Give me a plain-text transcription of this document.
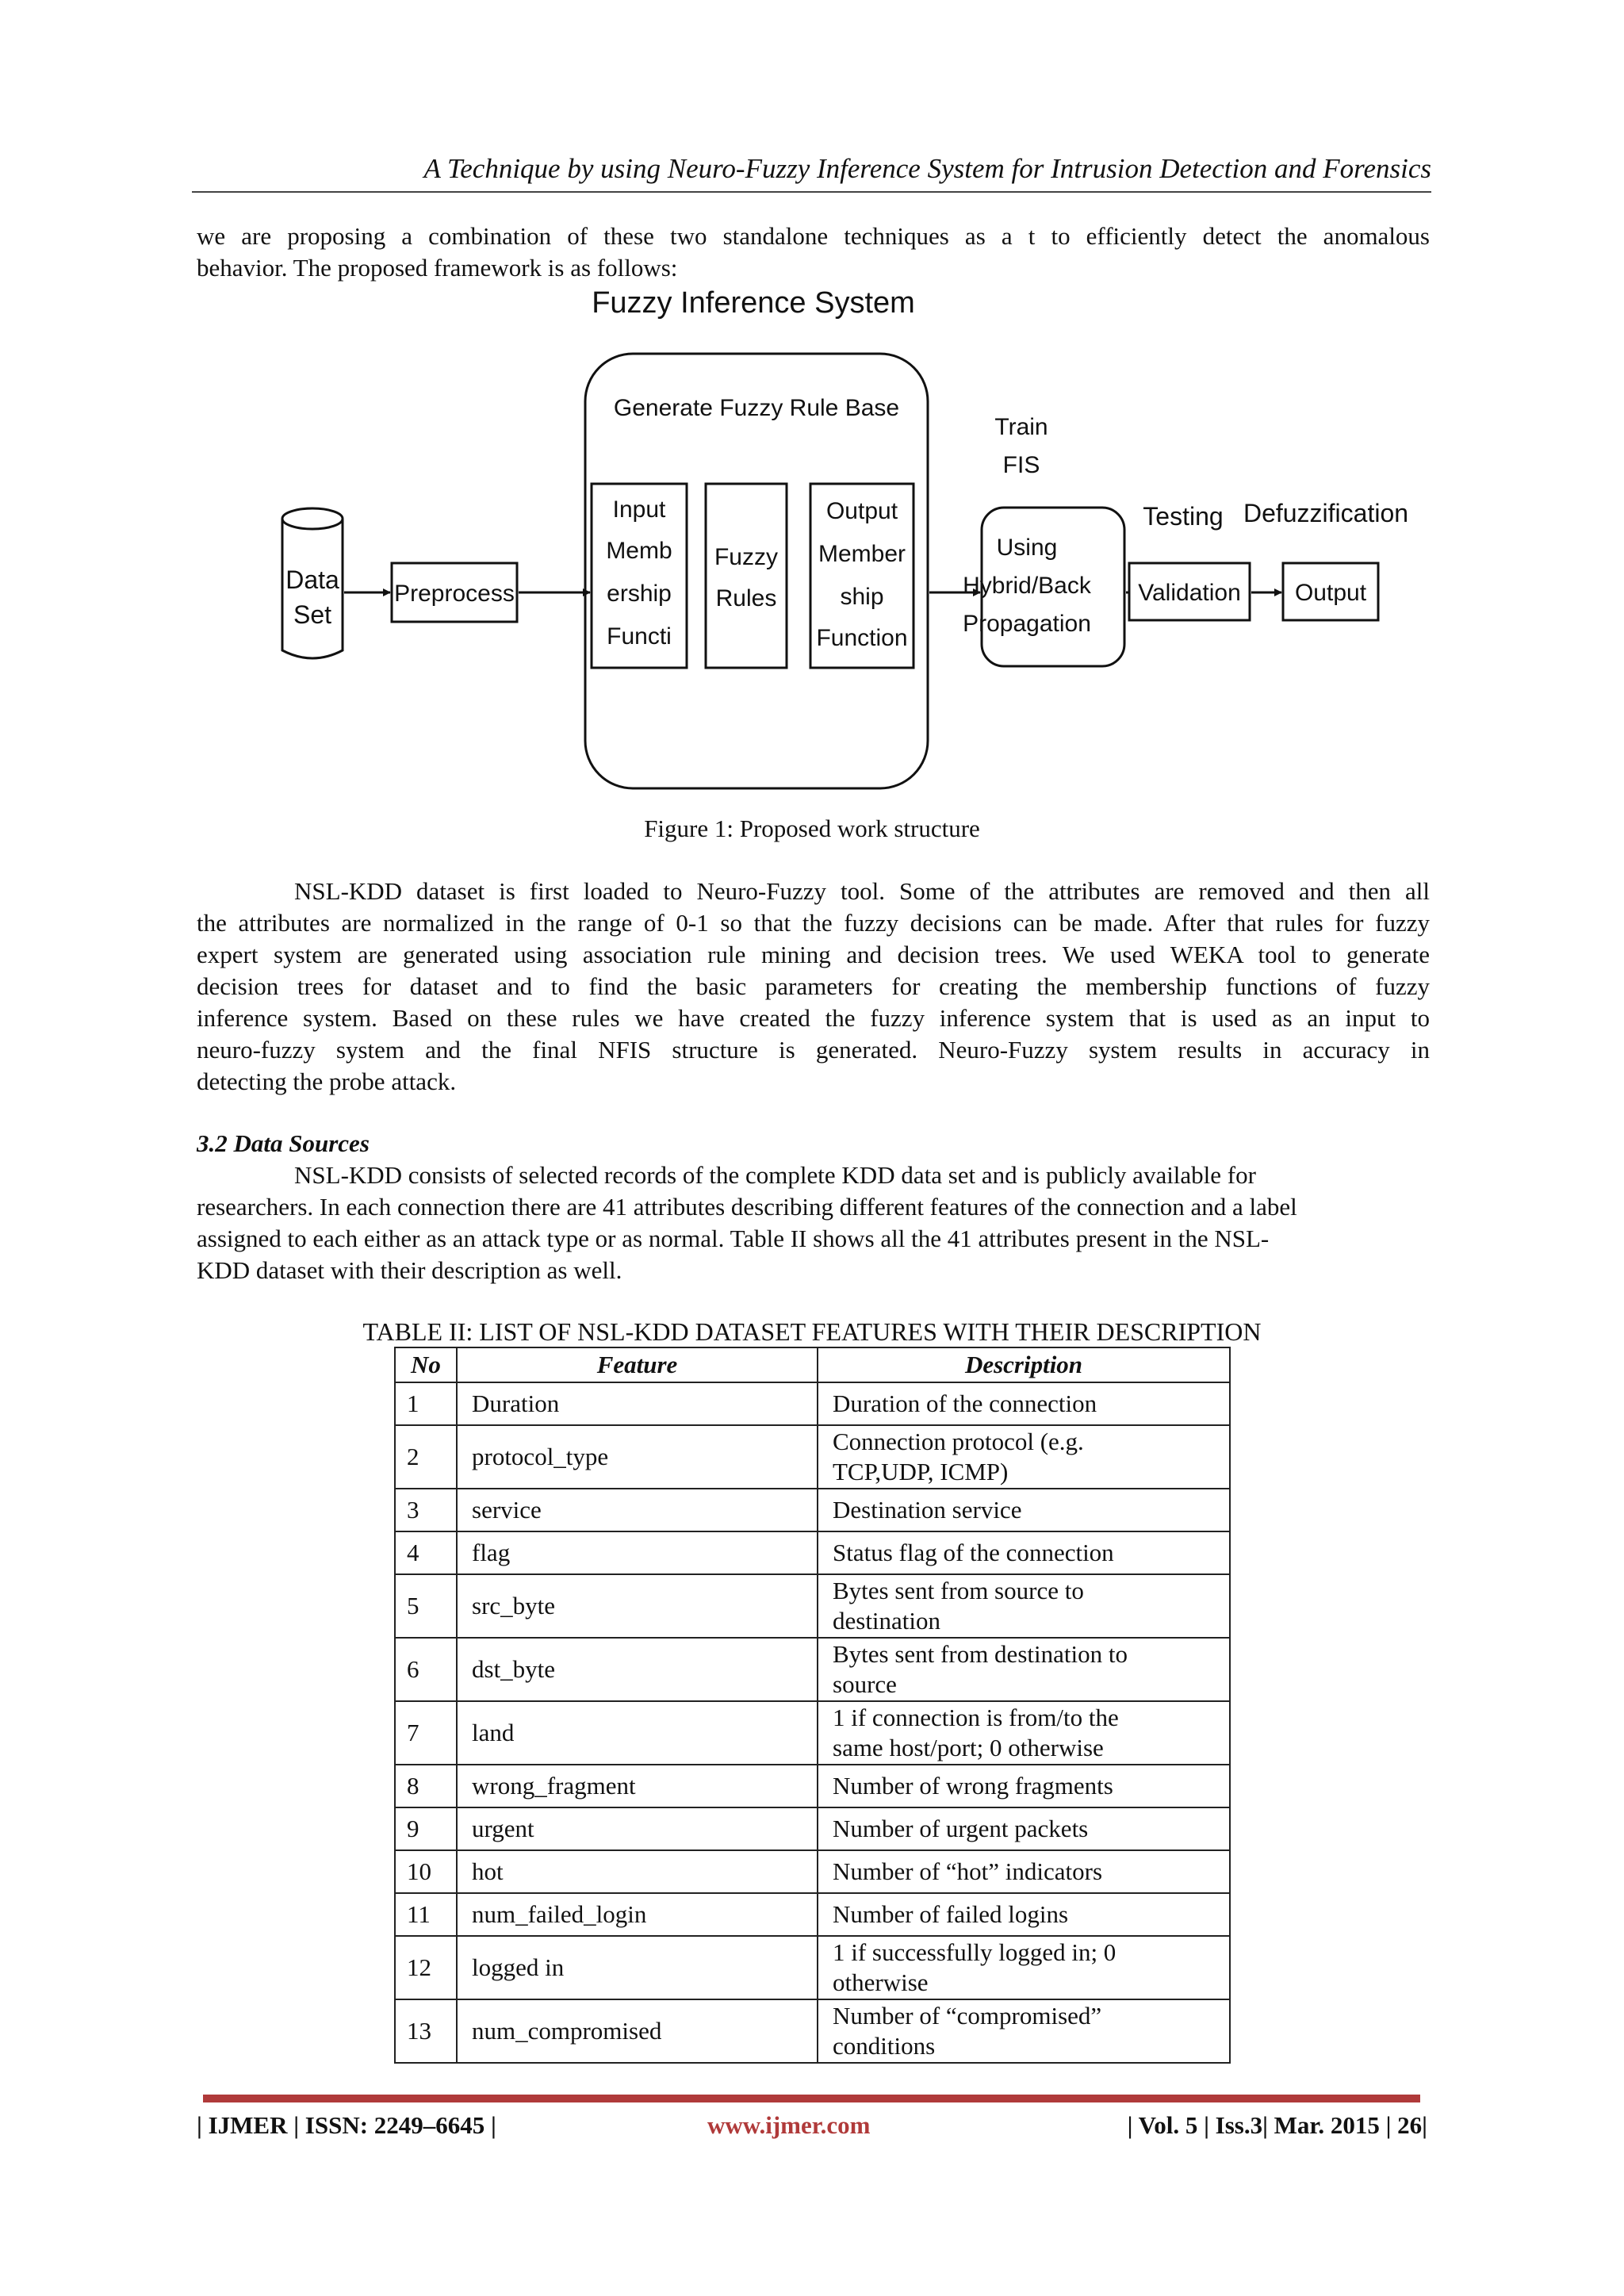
A Technique by using Neuro-Fuzzy Inference System for Intrusion Detection and Forensics
we are proposing a combination of these two standalone techniques as a t to efficiently detect the anomalous
behavior. The proposed framework is as follows:
Fuzzy Inference System
Generate Fuzzy Rule Base
Data
Set
Preprocess
Input
Memb
ership
Functi
Fuzzy
Rules
Output
Member
ship
Function
Train
FIS
Using
Hybrid/Back
Propagation
Testing
Validation
Defuzzification
Output
Figure 1: Proposed work structure
NSL-KDD dataset is first loaded to Neuro-Fuzzy tool. Some of the attributes are removed and then all
the attributes are normalized in the range of 0-1 so that the fuzzy decisions can be made. After that rules for fuzzy
expert system are generated using association rule mining and decision trees. We used WEKA tool to generate
decision trees for dataset and to find the basic parameters for creating the membership functions of fuzzy
inference system. Based on these rules we have created the fuzzy inference system that is used as an input to
neuro-fuzzy system and the final NFIS structure is generated. Neuro-Fuzzy system results in accuracy in
detecting the probe attack.
3.2 Data Sources
NSL-KDD consists of selected records of the complete KDD data set and is publicly available for
researchers. In each connection there are 41 attributes describing different features of the connection and a label
assigned to each either as an attack type or as normal. Table II shows all the 41 attributes present in the NSL-
KDD dataset with their description as well.
TABLE II: LIST OF NSL-KDD DATASET FEATURES WITH THEIR DESCRIPTION
No	Feature	Description
1	Duration	Duration of the connection

2	protocol_type	Connection protocol (e.g.
TCP,UDP, ICMP)

3	service	Destination service

4	flag	Status flag of the connection

5	src_byte	Bytes sent from source to
destination

6	dst_byte	Bytes sent from destination to
source

7	land	1 if connection is from/to the
same host/port; 0 otherwise

8	wrong_fragment	Number of wrong fragments

9	urgent	Number of urgent packets

10	hot	Number of “hot” indicators

11	num_failed_login	Number of failed logins

12	logged in	1 if successfully logged in; 0
otherwise

13	num_compromised	Number of “compromised”
conditions
| IJMER | ISSN: 2249–6645 |	www.ijmer.com	| Vol. 5 | Iss.3| Mar. 2015 | 26|
